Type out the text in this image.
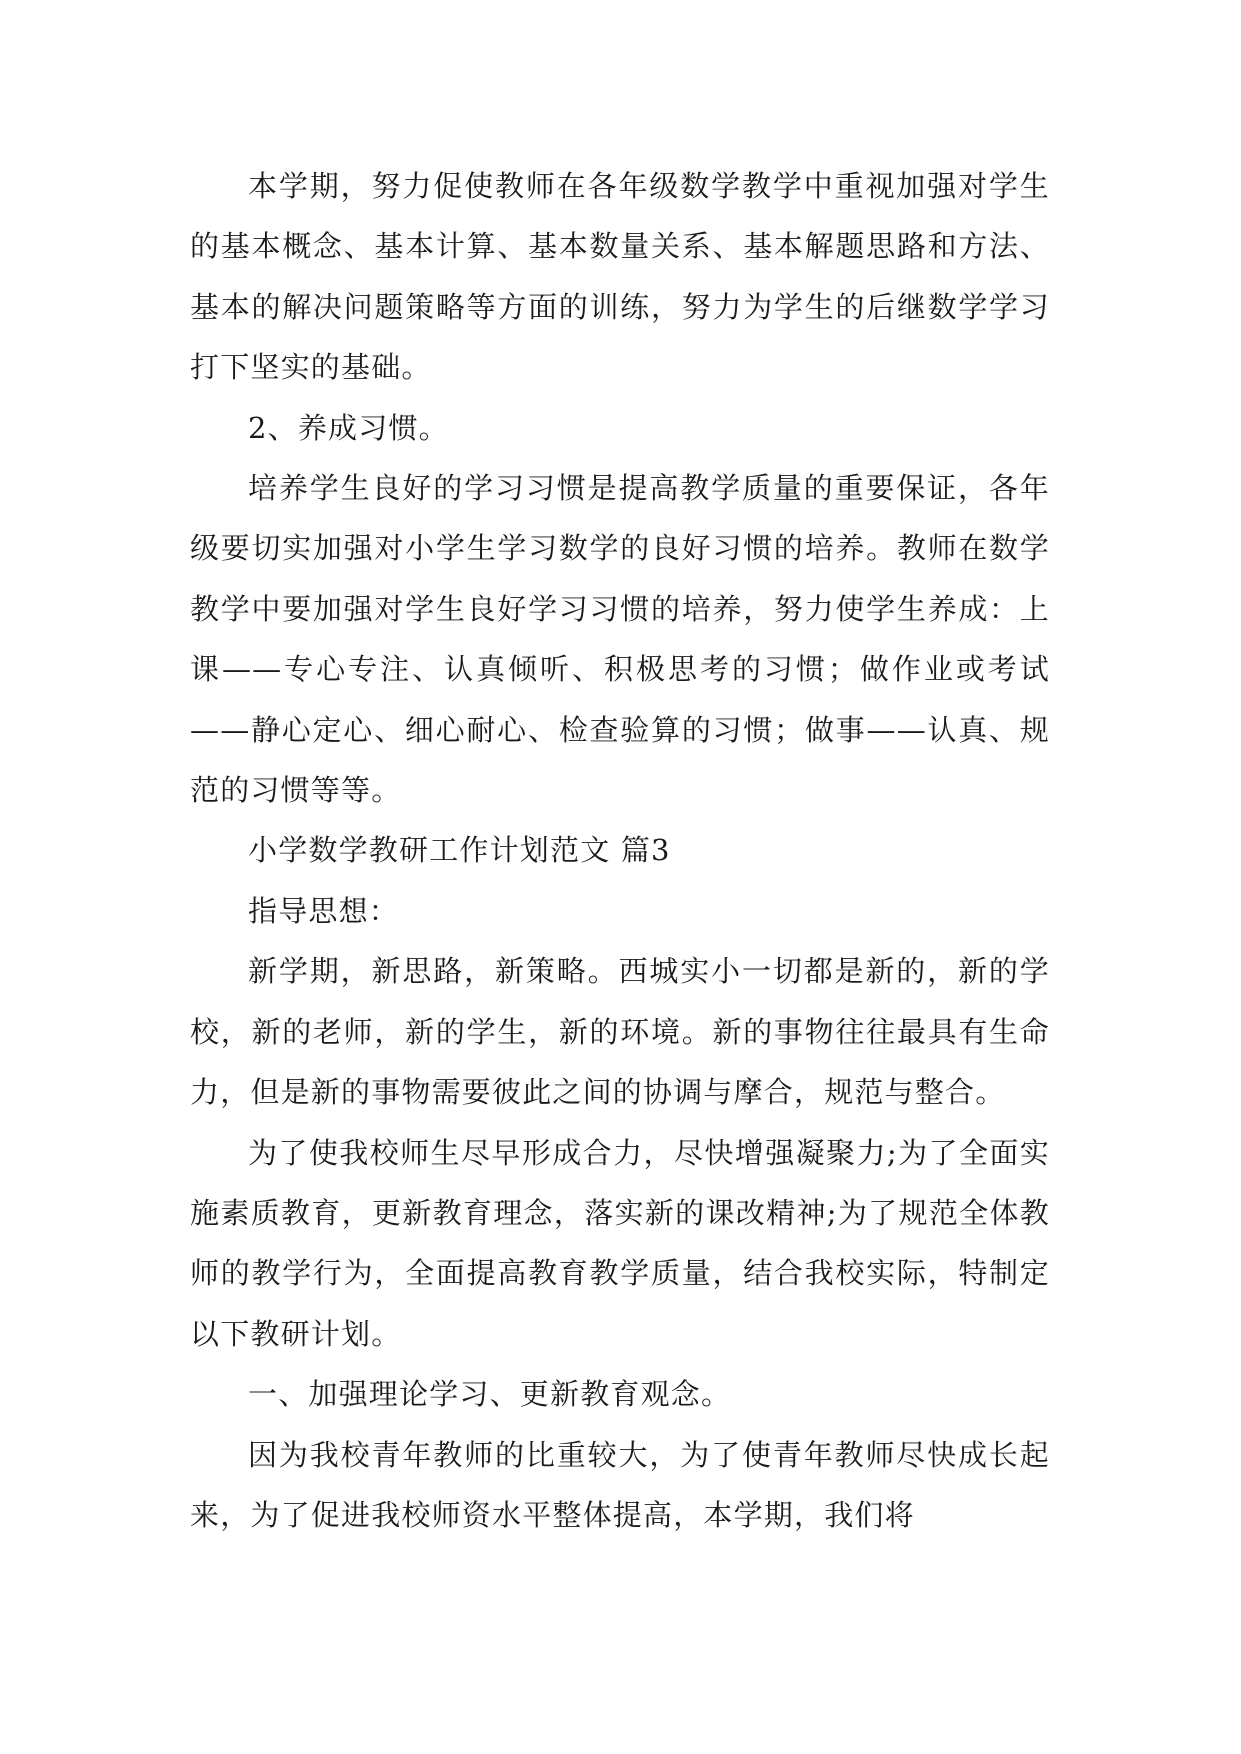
本学期，努力促使教师在各年级数学教学中重视加强对学生的基本概念、基本计算、基本数量关系、基本解题思路和方法、基本的解决问题策略等方面的训练，努力为学生的后继数学学习打下坚实的基础。

2、养成习惯。

培养学生良好的学习习惯是提高教学质量的重要保证，各年级要切实加强对小学生学习数学的良好习惯的培养。教师在数学教学中要加强对学生良好学习习惯的培养，努力使学生养成：上课——专心专注、认真倾听、积极思考的习惯；做作业或考试——静心定心、细心耐心、检查验算的习惯；做事——认真、规范的习惯等等。

小学数学教研工作计划范文 篇3

指导思想：

新学期，新思路，新策略。西城实小一切都是新的，新的学校，新的老师，新的学生，新的环境。新的事物往往最具有生命力，但是新的事物需要彼此之间的协调与摩合，规范与整合。

为了使我校师生尽早形成合力，尽快增强凝聚力;为了全面实施素质教育，更新教育理念，落实新的课改精神;为了规范全体教师的教学行为，全面提高教育教学质量，结合我校实际，特制定以下教研计划。

一、加强理论学习、更新教育观念。

因为我校青年教师的比重较大，为了使青年教师尽快成长起来，为了促进我校师资水平整体提高，本学期，我们将
